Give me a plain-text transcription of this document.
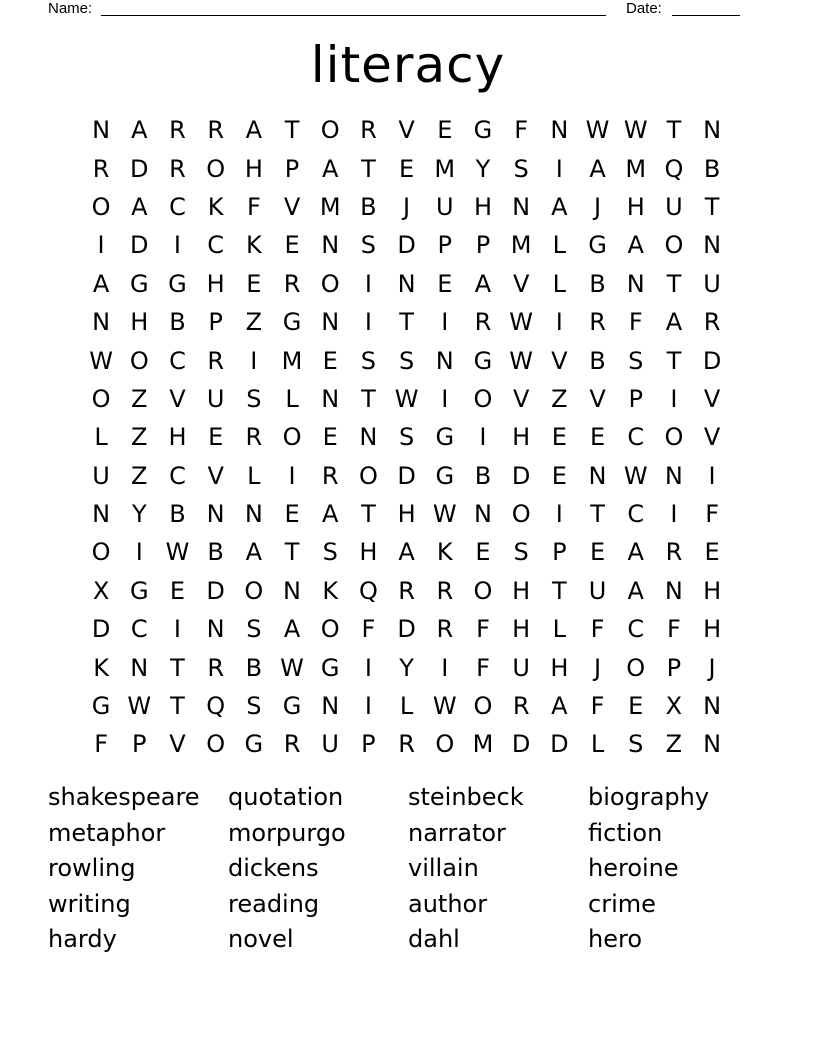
Name:	Date:
literacy
N A R R A T O R V E G F N W W T N
R D R O H P A T E M Y S	I	A M Q B
O A C K F V M B	J	U H N A	J	H U T
I	D	I	C K E N S D P P M L G A O N
A G G H E R O	I	N E A V L B N T U
N H B P Z G N	I	T	I	R W I	R F A R
W O C R	I	M E S S N G W V B S T D
O Z V U S L N T W I	O V Z V P	I	V
L Z H E R O E N S G	I	H E E C O V
U Z C V L	I	R O D G B D E N W N	I
N Y B N N E A T H W N O	I	T C	I	F
O	I W B A T S H A K E S P E A R E
X G E D O N K Q R R O H T U A N H
D C	I	N S A O F D R F H L	F C F H
K N T R B W G	I	Y	I	F U H	J	O P	J
G W T Q S G N	I	L W O R A F E X N
F	P V O G R U P R O M D D L S Z N
shakespeare	quotation	steinbeck	biography
metaphor	morpurgo	narrator	fiction
rowling	dickens	villain	heroine
writing	reading	author	crime
hardy	novel	dahl	hero
